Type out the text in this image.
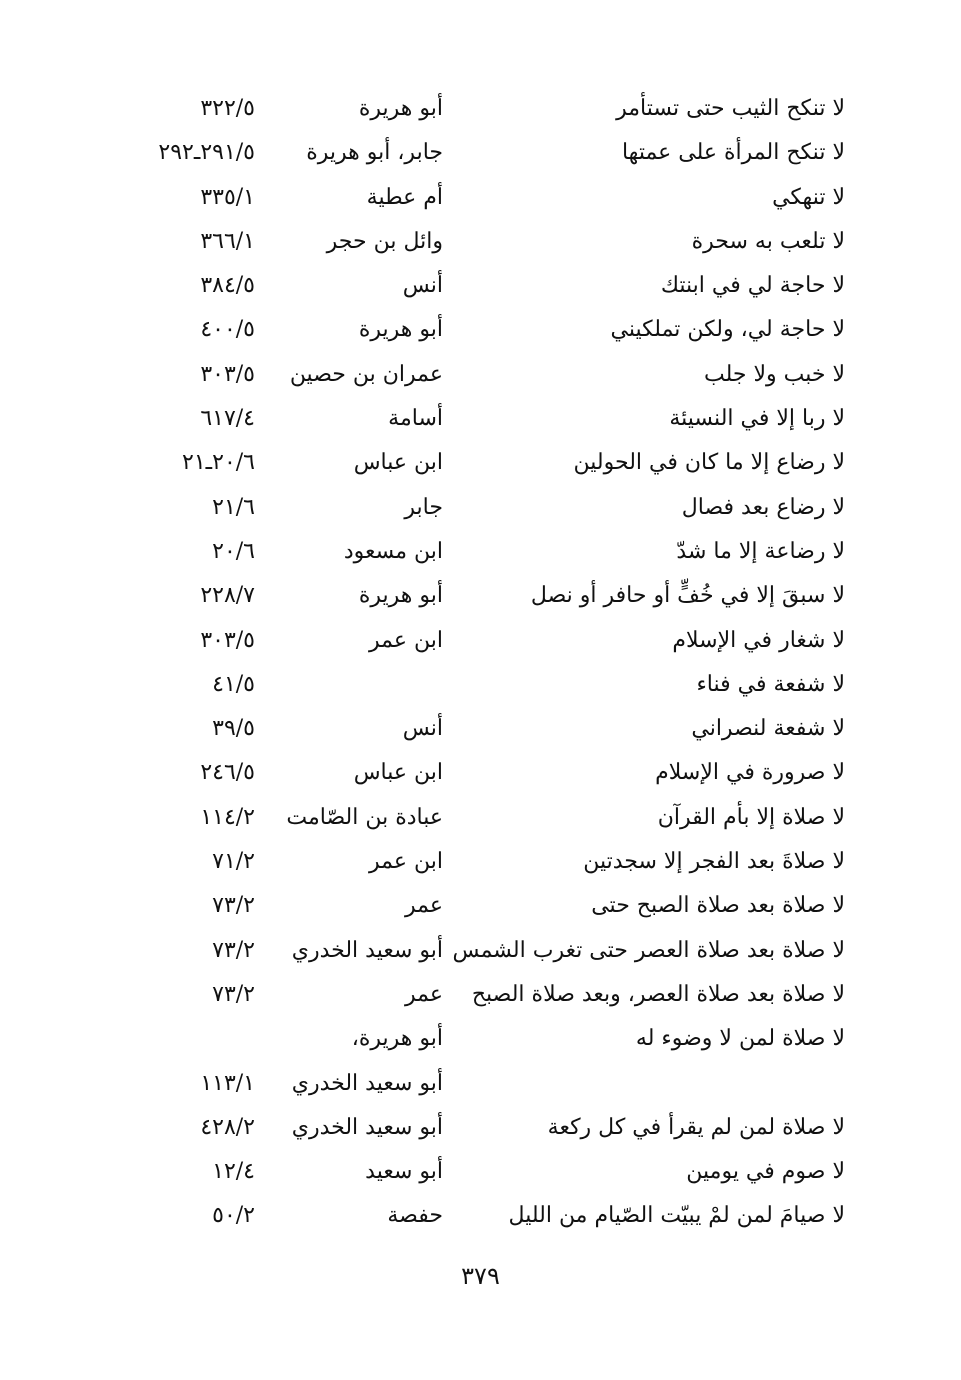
لا تنكح الثيب حتى تستأمر
أبو هريرة
٣٢٢/٥
لا تنكح المرأة على عمتها
جابر، أبو هريرة
٢٩١/٥ـ٢٩٢
لا تنهكي
أم عطية
٣٣٥/١
لا تلعب به سحرة
وائل بن حجر
٣٦٦/١
لا حاجة لي في ابنتك
أنس
٣٨٤/٥
لا حاجة لي، ولكن تملكيني
أبو هريرة
٤٠٠/٥
لا خبب ولا جلب
عمران بن حصين
٣٠٣/٥
لا ربا إلا في النسيئة
أسامة
٦١٧/٤
لا رضاع إلا ما كان في الحولين
ابن عباس
٢٠/٦ـ٢١
لا رضاع بعد فصال
جابر
٢١/٦
لا رضاعة إلا ما شدّ
ابن مسعود
٢٠/٦
لا سبقَ إلا في خُفٍّ أو حافر أو نصل
أبو هريرة
٢٢٨/٧
لا شغار في الإسلام
ابن عمر
٣٠٣/٥
لا شفعة في فناء
٤١/٥
لا شفعة لنصراني
أنس
٣٩/٥
لا صرورة في الإسلام
ابن عباس
٢٤٦/٥
لا صلاة إلا بأم القرآن
عبادة بن الصّامت
١١٤/٢
لا صلاةَ بعد الفجر إلا سجدتين
ابن عمر
٧١/٢
لا صلاة بعد صلاة الصبح حتى
عمر
٧٣/٢
لا صلاة بعد صلاة العصر حتى تغرب الشمس
أبو سعيد الخدري
٧٣/٢
لا صلاة بعد صلاة العصر، وبعد صلاة الصبح
عمر
٧٣/٢
لا صلاة لمن لا وضوء له
أبو هريرة،
أبو سعيد الخدري
١١٣/١
لا صلاة لمن لم يقرأ في كل ركعة
أبو سعيد الخدري
٤٢٨/٢
لا صوم في يومين
أبو سعيد
١٢/٤
لا صيامَ لمن لمْ يبيّت الصّيام من الليل
حفصة
٥٠/٢
٣٧٩
